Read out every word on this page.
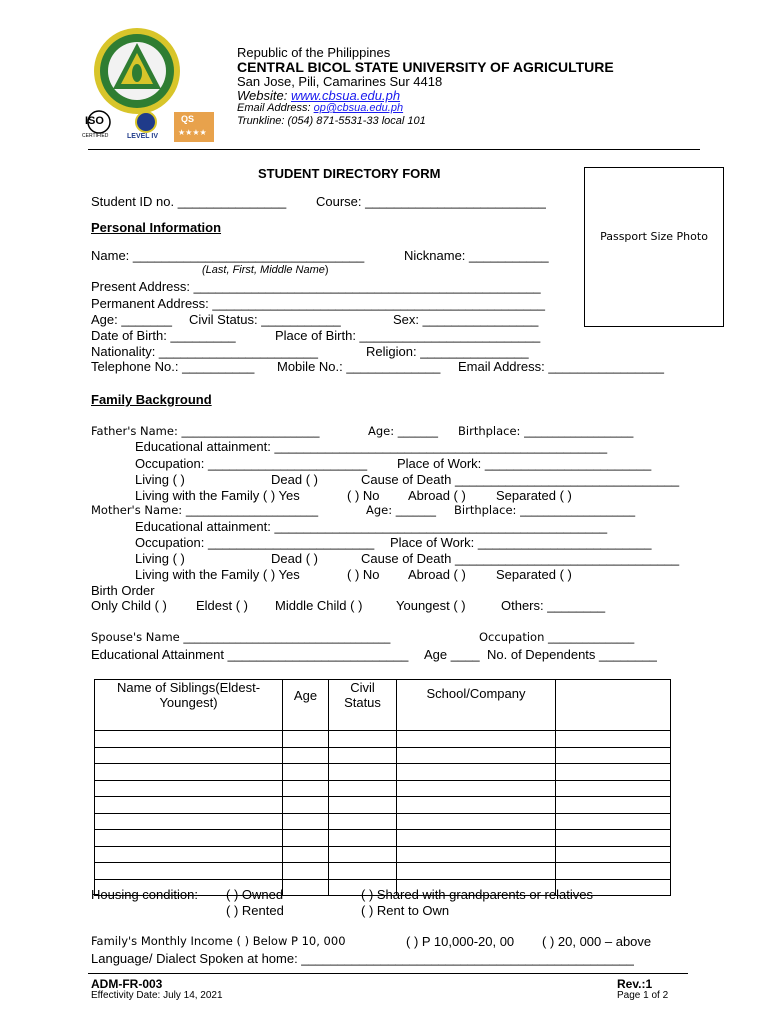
ISO
CERTIFIED	LEVEL IV
QS
★★★★
Republic of the Philippines
CENTRAL BICOL STATE UNIVERSITY OF AGRICULTURE
San Jose, Pili, Camarines Sur 4418
Website: www.cbsua.edu.ph
Email Address: op@cbsua.edu.ph
Trunkline: (054) 871-5531-33 local 101
STUDENT DIRECTORY FORM
Passport Size Photo
Student ID no. _______________ Course: _________________________
Personal Information
Name: ________________________________	Nickname: ___________
(Last, First, Middle Name)
Present Address: ________________________________________________
Permanent Address: ______________________________________________
Age: _______ Civil Status: ___________	Sex: ________________
Date of Birth: _________	Place of Birth: _________________________
Nationality: ______________________	Religion: _______________
Telephone No.: __________ Mobile No.: _____________ Email Address: ________________
Family Background
Father's Name: ________________________	Age: _______ Birthplace: ___________________
Educational attainment: ______________________________________________
Occupation: ______________________ Place of Work: _______________________
Living ( )	Dead ( )	Cause of Death _______________________________
Living with the Family ( ) Yes	( ) No Abroad ( ) Separated ( )
Mother's Name: _______________________	Age: _______ Birthplace: ____________________
Educational attainment: ______________________________________________
Occupation: _______________________ Place of Work: ________________________
Living ( )	Dead ( )	Cause of Death _______________________________
Living with the Family ( ) Yes	( ) No Abroad ( ) Separated ( )
Birth Order
Only Child ( ) Eldest ( ) Middle Child ( )	Youngest ( )	Others: ________
Spouse's Name ____________________________________	Occupation _______________
Educational Attainment _________________________ Age ____ No. of Dependents ________
Name of Siblings(Eldest-Youngest)	Age	Civil Status	School/Company	

Housing condition: ( ) Owned	( ) Shared with grandparents or relatives
( ) Rented	( ) Rent to Own
Family's Monthly Income ( ) Below P 10, 000	( ) P 10,000-20, 00 ( ) 20, 000 – above
Language/ Dialect Spoken at home: ______________________________________________
ADM-FR-003
Effectivity Date: July 14, 2021
Rev.:1
Page 1 of 2
